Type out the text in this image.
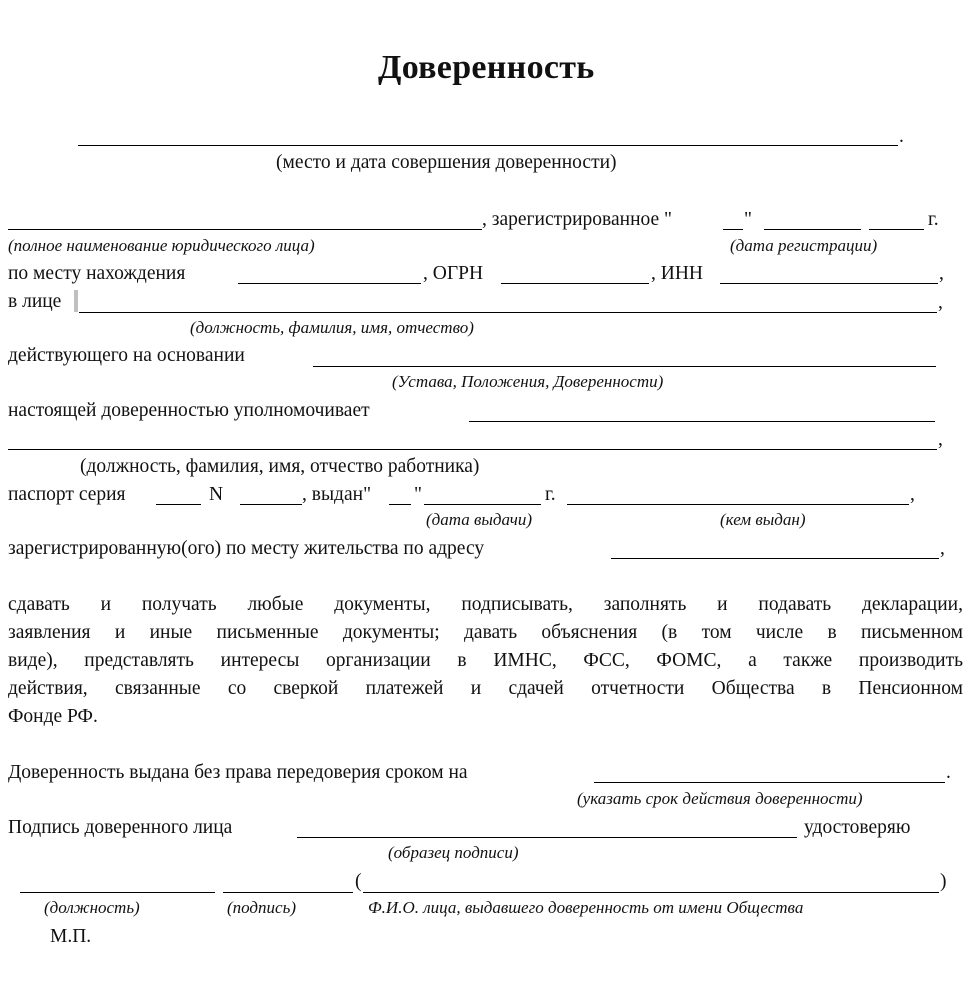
Доверенность
.
(место и дата совершения доверенности)
, зарегистрированное "	"	г.
(полное наименование юридического лица)	(дата регистрации)
по месту нахождения	, ОГРН	, ИНН	,
в лице	,
(должность, фамилия, имя, отчество)
действующего на основании
(Устава, Положения, Доверенности)
настоящей доверенностью уполномочивает
,
(должность, фамилия, имя, отчество работника)
паспорт серия	N	, выдан" "	г.	,
(дата выдачи)	(кем выдан)
зарегистрированную(ого) по месту жительства по адресу	,
сдавать и получать любые документы, подписывать, заполнять и подавать декларации,
заявления и иные письменные документы; давать объяснения (в том числе в письменном
виде), представлять интересы организации в ИМНС, ФСС, ФОМС, а также производить
действия, связанные со сверкой платежей и сдачей отчетности Общества в Пенсионном
Фонде РФ.
Доверенность выдана без права передоверия сроком на	.
(указать срок действия доверенности)
Подпись доверенного лица	удостоверяю
(образец подписи)
(	)
(должность)	(подпись)	Ф.И.О. лица, выдавшего доверенность от имени Общества
М.П.
